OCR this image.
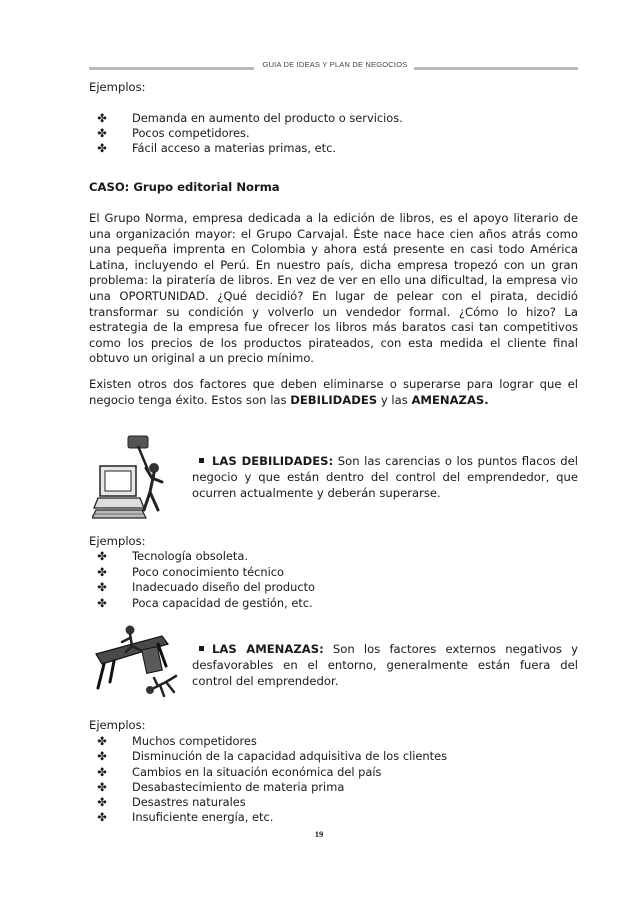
GUIA DE IDEAS Y PLAN DE NEGOCIOS
Ejemplos:
✤ Demanda en aumento del producto o servicios.
✤ Pocos competidores.
✤ Fácil acceso a materias primas, etc.
CASO: Grupo editorial Norma
El Grupo Norma, empresa dedicada a la edición de libros, es el apoyo literario de una organización mayor: el Grupo Carvajal. Éste nace hace cien años atrás como una pequeña imprenta en Colombia y ahora está presente en casi todo América Latina, incluyendo el Perú. En nuestro país, dicha empresa tropezó con un gran problema: la piratería de libros. En vez de ver en ello una dificultad, la empresa vio una OPORTUNIDAD. ¿Qué decidió? En lugar de pelear con el pirata, decidió transformar su condición y volverlo un vendedor formal. ¿Cómo lo hizo? La estrategia de la empresa fue ofrecer los libros más baratos casi tan competitivos como los precios de los productos pirateados, con esta medida el cliente final obtuvo un original a un precio mínimo.
Existen otros dos factores que deben eliminarse o superarse para lograr que el negocio tenga éxito. Estos son las DEBILIDADES y las AMENAZAS.
LAS DEBILIDADES: Son las carencias o los puntos flacos del negocio y que están dentro del control del emprendedor, que ocurren actualmente y deberán superarse.
Ejemplos:
✤ Tecnología obsoleta.
✤ Poco conocimiento técnico
✤ Inadecuado diseño del producto
✤ Poca capacidad de gestión, etc.
LAS AMENAZAS: Son los factores externos negativos y desfavorables en el entorno, generalmente están fuera del control del emprendedor.
Ejemplos:
✤ Muchos competidores
✤ Disminución de la capacidad adquisitiva de los clientes
✤ Cambios en la situación económica del país
✤ Desabastecimiento de materia prima
✤ Desastres naturales
✤ Insuficiente energía, etc.
19
